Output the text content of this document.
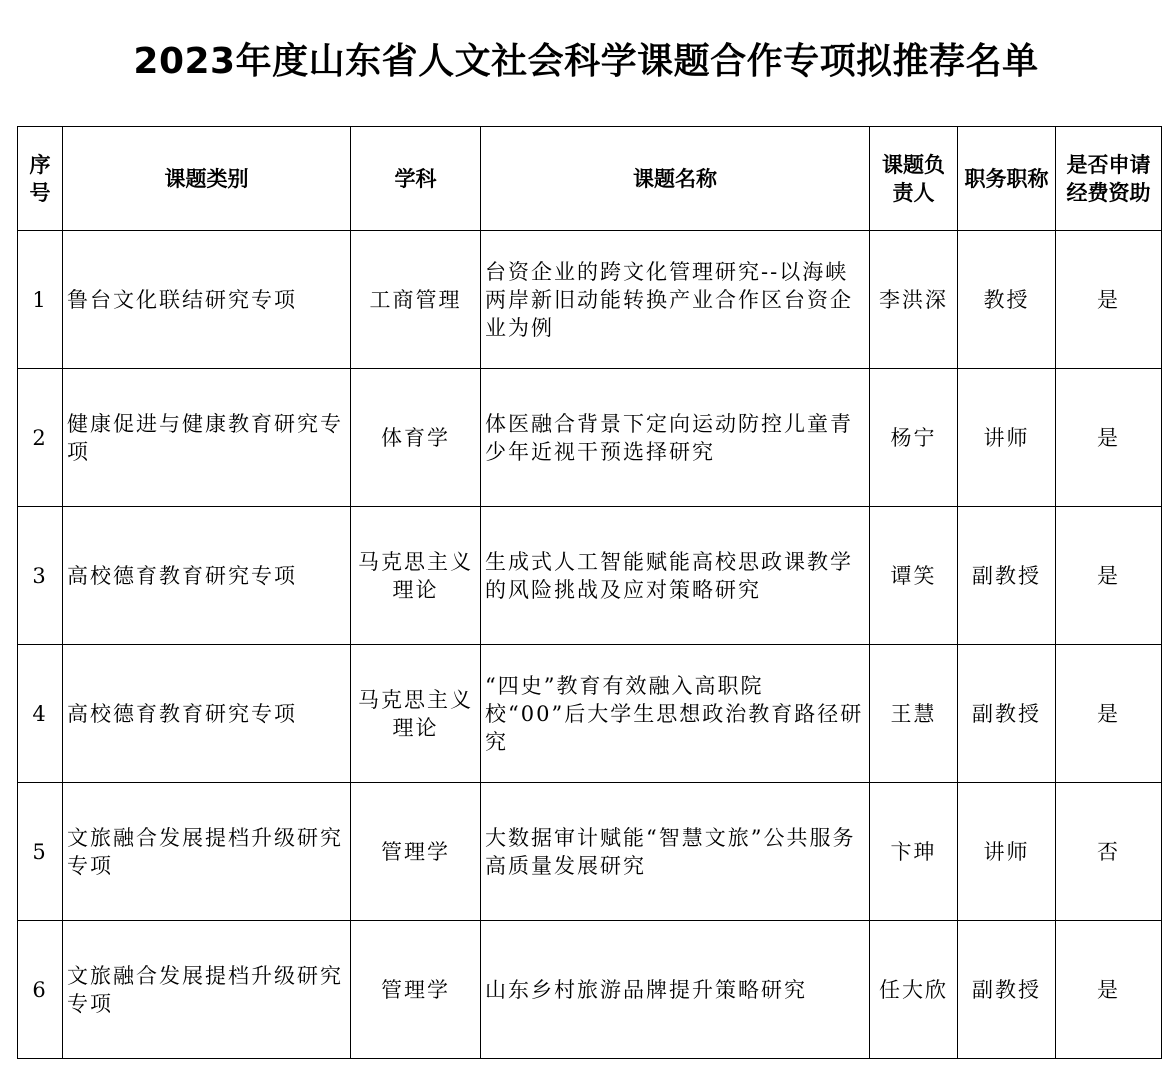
2023年度山东省人文社会科学课题合作专项拟推荐名单
序号	课题类别	学科	课题名称	课题负责人	职务职称	是否申请经费资助
1	鲁台文化联结研究专项	工商管理	台资企业的跨文化管理研究--以海峡两岸新旧动能转换产业合作区台资企业为例	李洪深	教授	是
2	健康促进与健康教育研究专项	体育学	体医融合背景下定向运动防控儿童青少年近视干预选择研究	杨宁	讲师	是
3	高校德育教育研究专项	马克思主义理论	生成式人工智能赋能高校思政课教学的风险挑战及应对策略研究	谭笑	副教授	是
4	高校德育教育研究专项	马克思主义理论	“四史”教育有效融入高职院校“00”后大学生思想政治教育路径研究	王慧	副教授	是
5	文旅融合发展提档升级研究专项	管理学	大数据审计赋能“智慧文旅”公共服务高质量发展研究	卞珅	讲师	否
6	文旅融合发展提档升级研究专项	管理学	山东乡村旅游品牌提升策略研究	任大欣	副教授	是
